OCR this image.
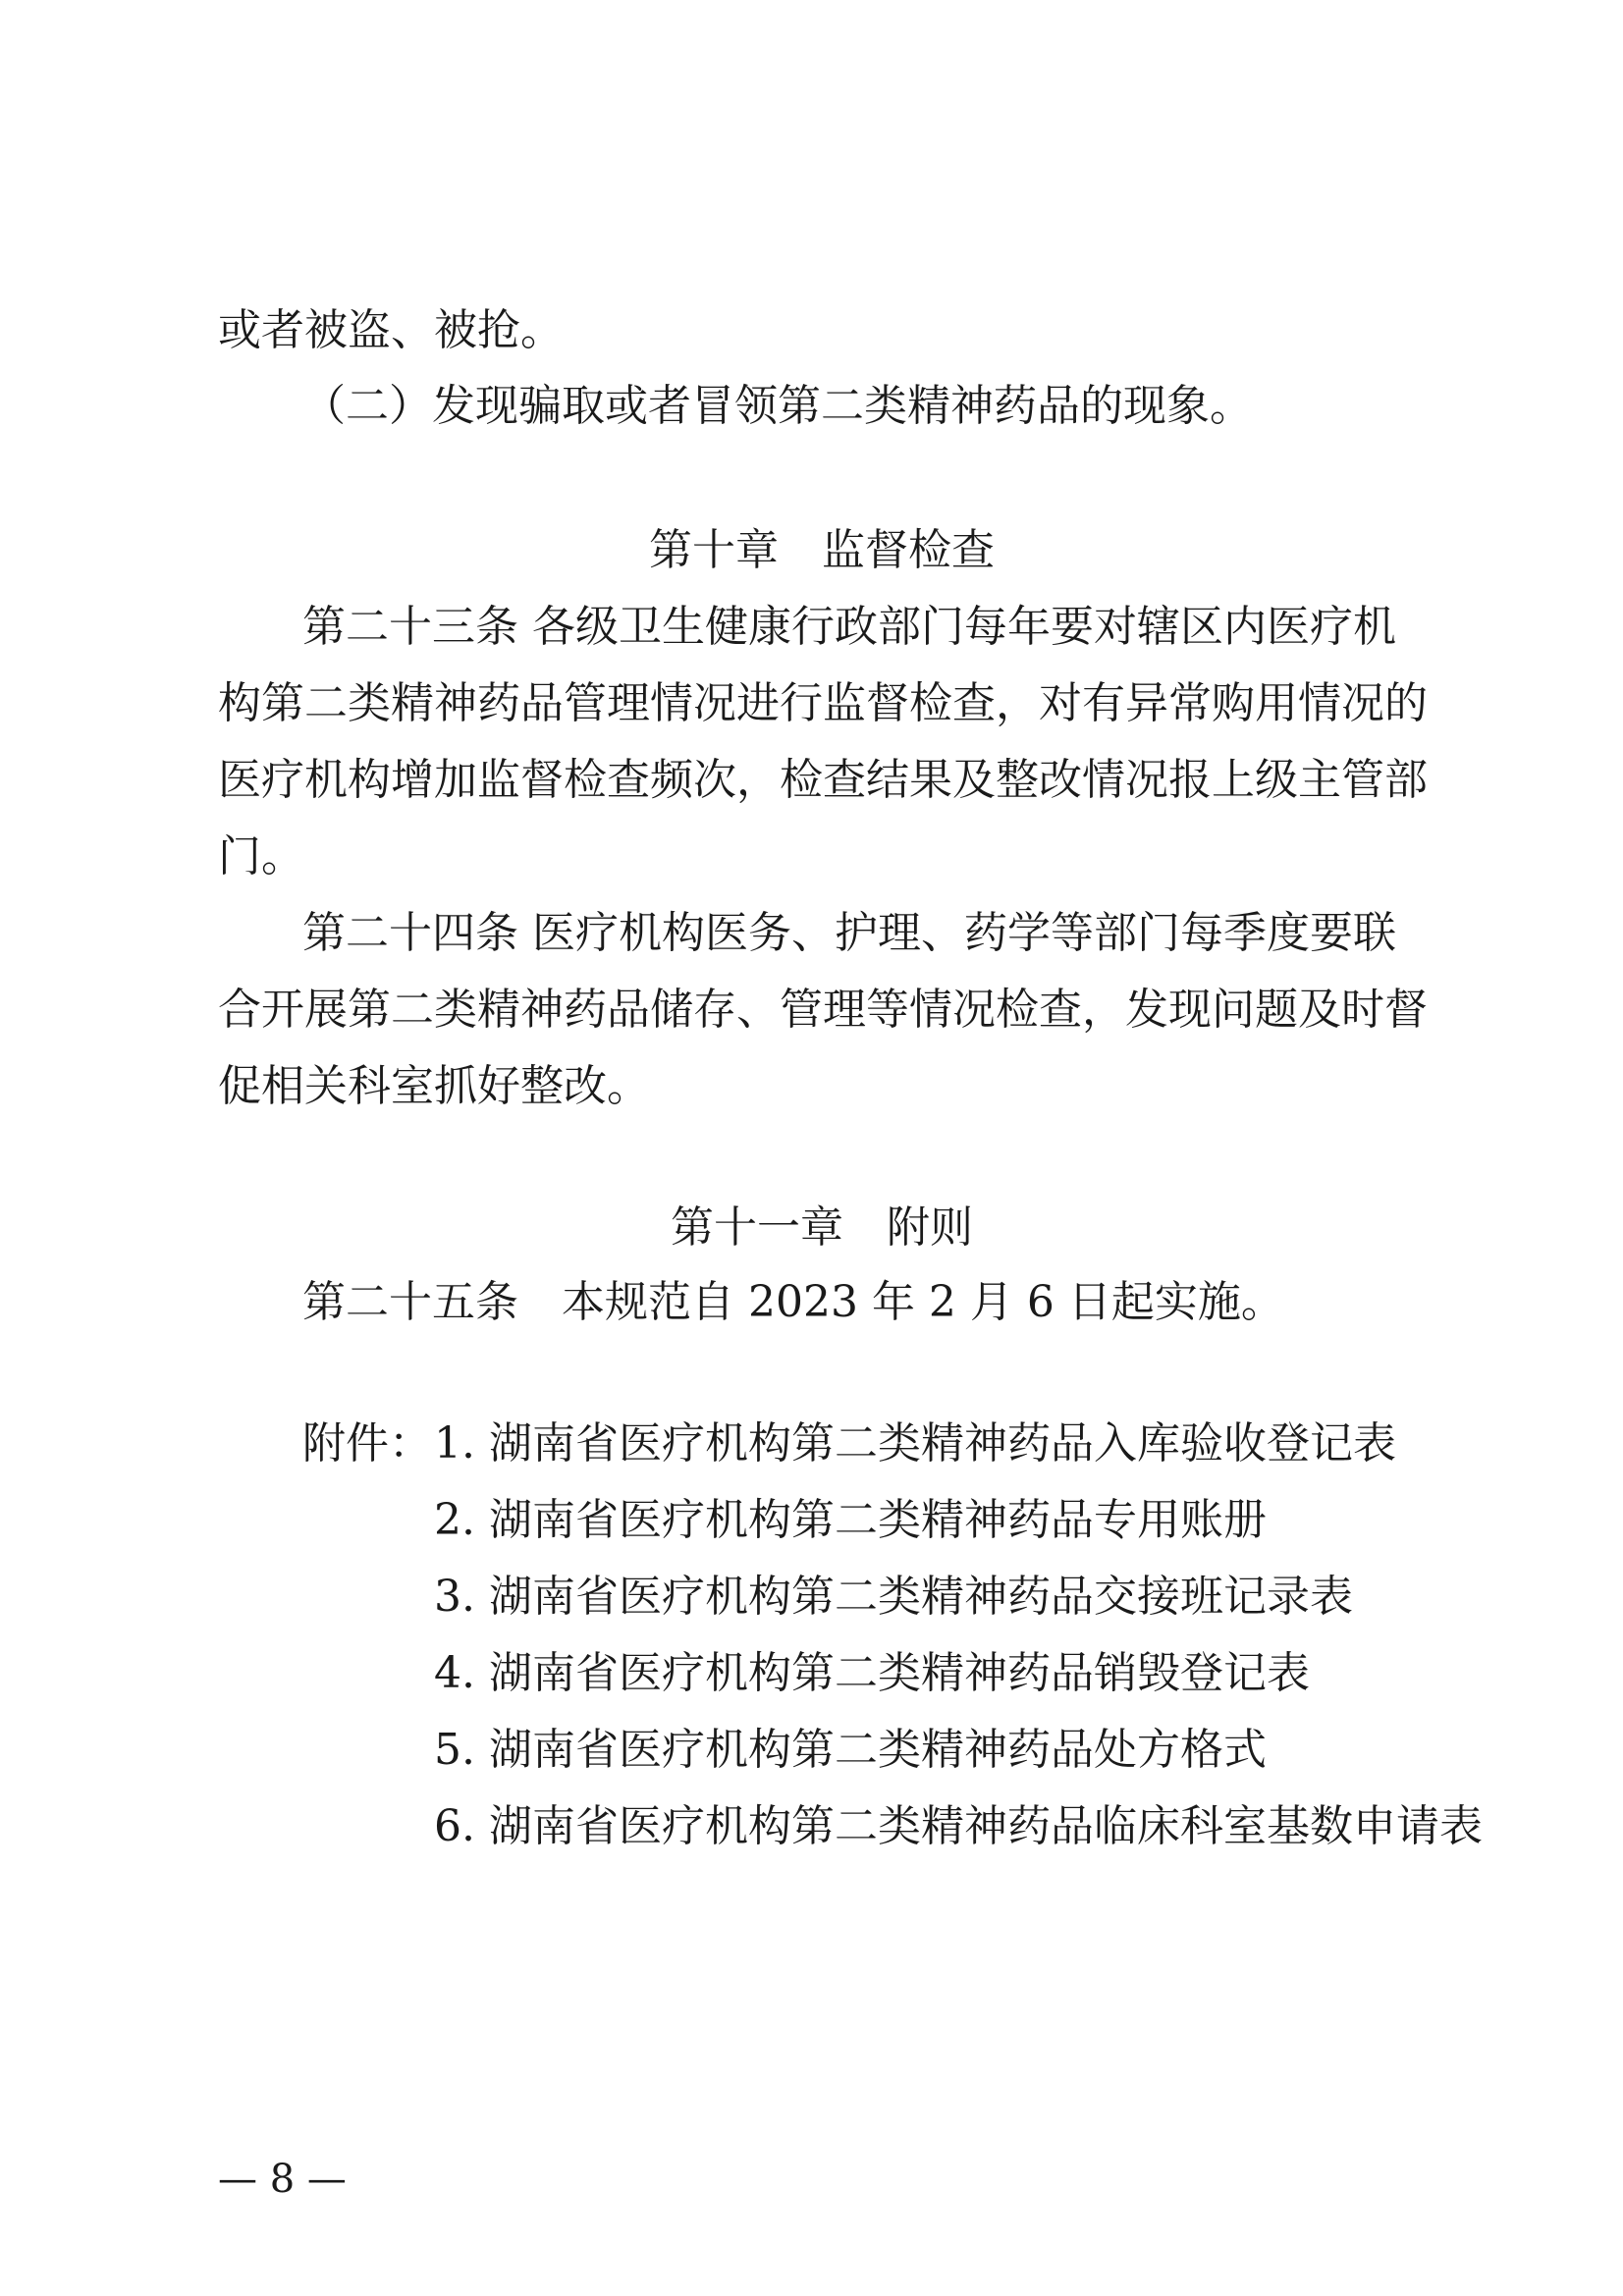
或者被盗、被抢。
（二）发现骗取或者冒领第二类精神药品的现象。
第十章　监督检查
第二十三条 各级卫生健康行政部门每年要对辖区内医疗机
构第二类精神药品管理情况进行监督检查，对有异常购用情况的
医疗机构增加监督检查频次，检查结果及整改情况报上级主管部
门。
第二十四条 医疗机构医务、护理、药学等部门每季度要联
合开展第二类精神药品储存、管理等情况检查，发现问题及时督
促相关科室抓好整改。
第十一章　附则
第二十五条　本规范自 2023 年 2 月 6 日起实施。
附件： 1. 湖南省医疗机构第二类精神药品入库验收登记表
2. 湖南省医疗机构第二类精神药品专用账册
3. 湖南省医疗机构第二类精神药品交接班记录表
4. 湖南省医疗机构第二类精神药品销毁登记表
5. 湖南省医疗机构第二类精神药品处方格式
6. 湖南省医疗机构第二类精神药品临床科室基数申请表
— 8 —
